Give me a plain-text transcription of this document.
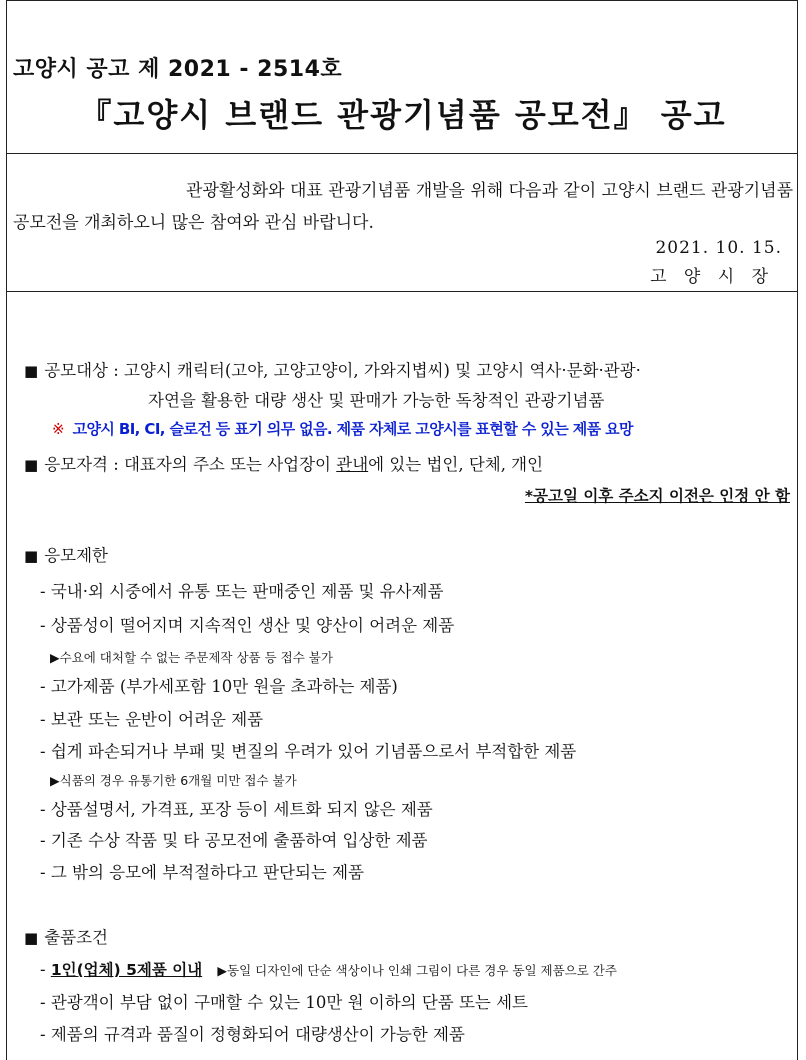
고양시 공고 제 2021 - 2514호
『고양시 브랜드 관광기념품 공모전』 공고
관광활성화와 대표 관광기념품 개발을 위해 다음과 같이 고양시 브랜드 관광기념품
공모전을 개최하오니 많은 참여와 관심 바랍니다.
2021. 10. 15.
고 양 시 장
■ 공모대상 : 고양시 캐릭터(고야, 고양고양이, 가와지볍씨) 및 고양시 역사·문화·관광·
자연을 활용한 대량 생산 및 판매가 가능한 독창적인 관광기념품
※ 고양시 BI, CI, 슬로건 등 표기 의무 없음. 제품 자체로 고양시를 표현할 수 있는 제품 요망
■ 응모자격 : 대표자의 주소 또는 사업장이 관내에 있는 법인, 단체, 개인
*공고일 이후 주소지 이전은 인정 안 함
■ 응모제한
- 국내·외 시중에서 유통 또는 판매중인 제품 및 유사제품
- 상품성이 떨어지며 지속적인 생산 및 양산이 어려운 제품
▶수요에 대처할 수 없는 주문제작 상품 등 접수 불가
- 고가제품 (부가세포함 10만 원을 초과하는 제품)
- 보관 또는 운반이 어려운 제품
- 쉽게 파손되거나 부패 및 변질의 우려가 있어 기념품으로서 부적합한 제품
▶식품의 경우 유통기한 6개월 미만 접수 불가
- 상품설명서, 가격표, 포장 등이 세트화 되지 않은 제품
- 기존 수상 작품 및 타 공모전에 출품하여 입상한 제품
- 그 밖의 응모에 부적절하다고 판단되는 제품
■ 출품조건
- 1인(업체) 5제품 이내 ▶동일 디자인에 단순 색상이나 인쇄 그림이 다른 경우 동일 제품으로 간주
- 관광객이 부담 없이 구매할 수 있는 10만 원 이하의 단품 또는 세트
- 제품의 규격과 품질이 정형화되어 대량생산이 가능한 제품
